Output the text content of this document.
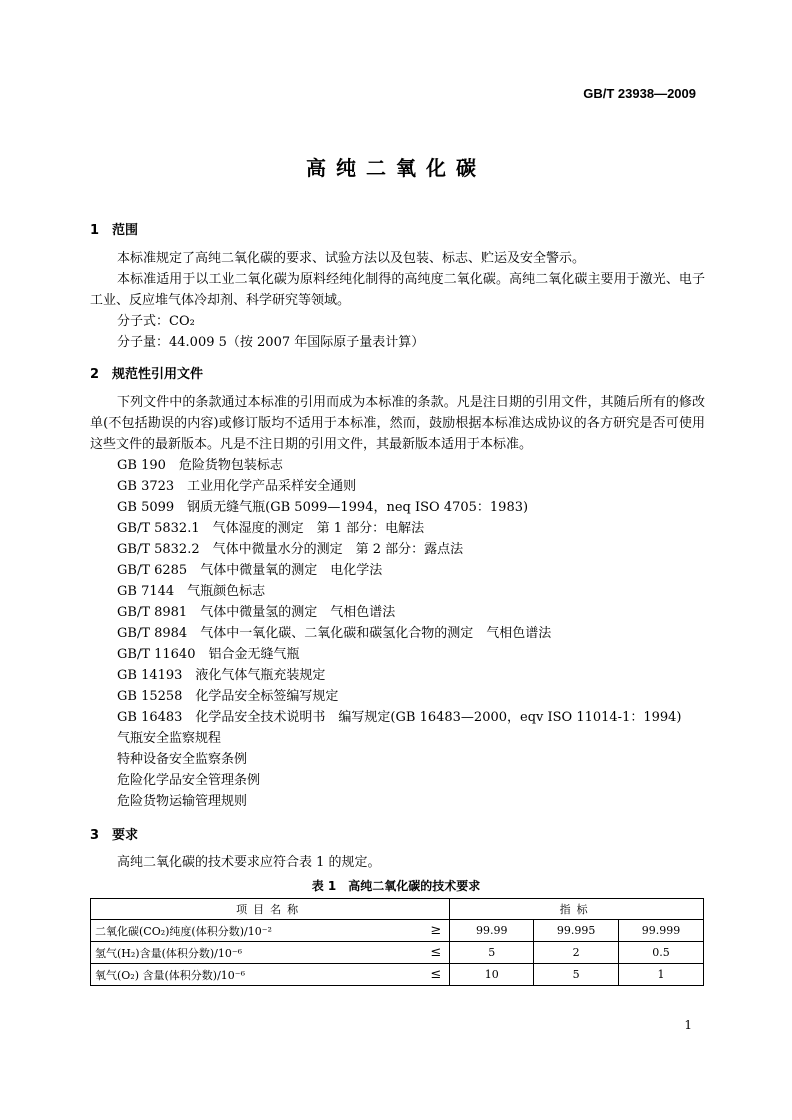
GB/T 23938—2009
高纯二氧化碳
1 范围

本标准规定了高纯二氧化碳的要求、试验方法以及包装、标志、贮运及安全警示。

本标准适用于以工业二氧化碳为原料经纯化制得的高纯度二氧化碳。高纯二氧化碳主要用于激光、电子工业、反应堆气体冷却剂、科学研究等领域。

分子式：CO₂
分子量：44.009 5（按 2007 年国际原子量表计算）
2 规范性引用文件

下列文件中的条款通过本标准的引用而成为本标准的条款。凡是注日期的引用文件，其随后所有的修改单(不包括勘误的内容)或修订版均不适用于本标准，然而，鼓励根据本标准达成协议的各方研究是否可使用这些文件的最新版本。凡是不注日期的引用文件，其最新版本适用于本标准。

GB 190　危险货物包装标志
GB 3723　工业用化学产品采样安全通则
GB 5099　钢质无缝气瓶(GB 5099—1994，neq ISO 4705：1983)
GB/T 5832.1　气体湿度的测定　第 1 部分：电解法
GB/T 5832.2　气体中微量水分的测定　第 2 部分：露点法
GB/T 6285　气体中微量氧的测定　电化学法
GB 7144　气瓶颜色标志
GB/T 8981　气体中微量氢的测定　气相色谱法
GB/T 8984　气体中一氧化碳、二氧化碳和碳氢化合物的测定　气相色谱法
GB/T 11640　铝合金无缝气瓶
GB 14193　液化气体气瓶充装规定
GB 15258　化学品安全标签编写规定
GB 16483　化学品安全技术说明书　编写规定(GB 16483—2000，eqv ISO 11014-1：1994)
气瓶安全监察规程
特种设备安全监察条例
危险化学品安全管理条例
危险货物运输管理规则
3 要求

高纯二氧化碳的技术要求应符合表 1 的规定。

表 1　高纯二氧化碳的技术要求
项目名称		指标		
二氧化碳(CO₂)纯度(体积分数)/10⁻²	≥	99.99	99.995	99.999
氢气(H₂)含量(体积分数)/10⁻⁶	≤	5	2	0.5
氧气(O₂) 含量(体积分数)/10⁻⁶	≤	10	5	1
1
